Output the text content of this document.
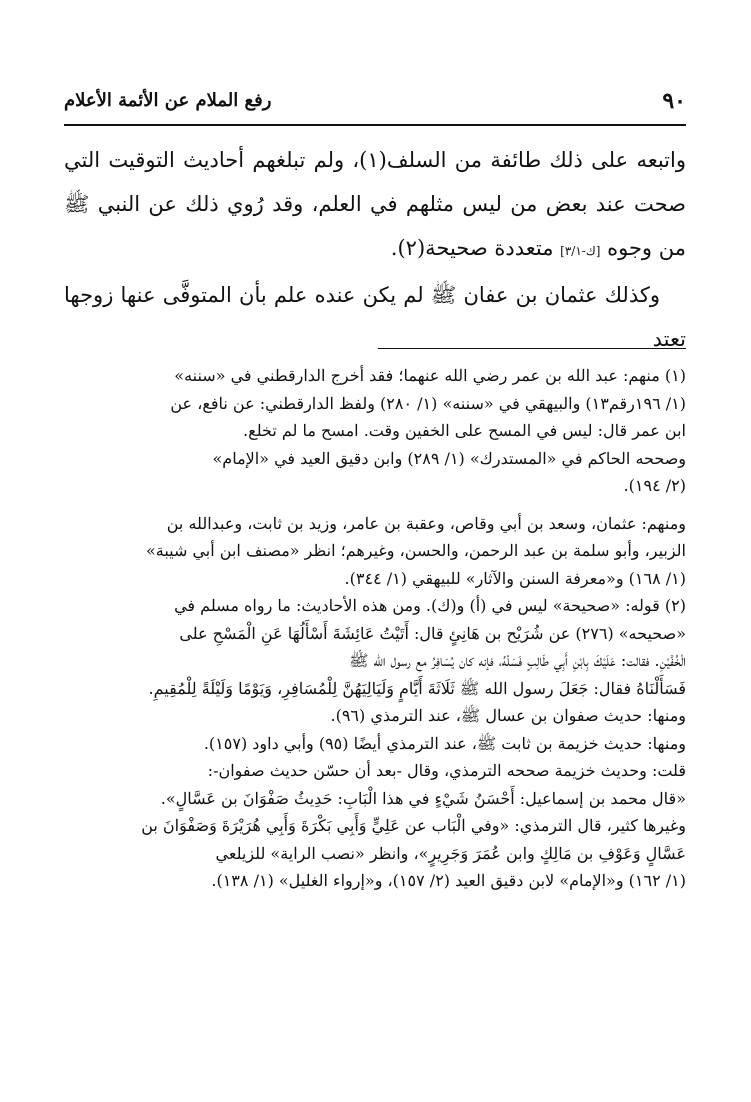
٩٠
رفع الملام عن الأئمة الأعلام

واتبعه على ذلك طائفة من السلف(١)، ولم تبلغهم أحاديث التوقيت التي صحت عند بعض من ليس مثلهم في العلم، وقد رُوي ذلك عن النبي ﷺ من وجوه [ك-٣/١] متعددة صحيحة(٢).

وكذلك عثمان بن عفان ﷺ لم يكن عنده علم بأن المتوفَّى عنها زوجها تعتد

(١) منهم: عبد الله بن عمر رضي الله عنهما؛ فقد أخرج الدارقطني في «سننه»
(١/ ١٩٦رقم١٣) والبيهقي في «سننه» (١/ ٢٨٠) ولفظ الدارقطني: عن نافع، عن
ابن عمر قال: ليس في المسح على الخفين وقت. امسح ما لم تخلع.
وصححه الحاكم في «المستدرك» (١/ ٢٨٩) وابن دقيق العيد في «الإمام»
(٢/ ١٩٤).
ومنهم: عثمان، وسعد بن أبي وقاص، وعقبة بن عامر، وزيد بن ثابت، وعبدالله بن
الزبير، وأبو سلمة بن عبد الرحمن، والحسن، وغيرهم؛ انظر «مصنف ابن أبي شيبة»
(١/ ١٦٨) و«معرفة السنن والآثار» للبيهقي (١/ ٣٤٤).
(٢) قوله: «صحيحة» ليس في (أ) و(ك). ومن هذه الأحاديث: ما رواه مسلم في
«صحيحه» (٢٧٦) عن شُرَيْح بن هَانِئٍ قال: أَتَيْتُ عَائِشَةَ أَسْأَلُهَا عَنِ الْمَسْحِ على
الْخُفَّيْنِ. فقالت: عَلَيْكَ بِابْنِ أَبِي طَالِبٍ فَسَلْهُ، فإنه كان يُسَافِرُ مع رسول الله ﷺ
فَسَأَلْنَاهُ فقال: جَعَلَ رسول الله ﷺ ثَلَاثَةَ أَيَّامٍ وَلَيَالِيَهُنَّ لِلْمُسَافِرِ، وَيَوْمًا وَلَيْلَةً لِلْمُقِيمِ.
ومنها: حديث صفوان بن عسال ﷺ، عند الترمذي (٩٦).
ومنها: حديث خزيمة بن ثابت ﷺ، عند الترمذي أيضًا (٩٥) وأبي داود (١٥٧).
قلت: وحديث خزيمة صححه الترمذي، وقال -بعد أن حسّن حديث صفوان-:
«قال محمد بن إسماعيل: أَحْسَنُ شَيْءٍ في هذا الْبَابِ: حَدِيثُ صَفْوَانَ بن عَسَّالٍ».
وغيرها كثير، قال الترمذي: «وفي الْبَاب عن عَلِيٍّ وَأَبِي بَكْرَةَ وَأَبِي هُرَيْرَةَ وَصَفْوَانَ بن
عَسَّالٍ وَعَوْفِ بن مَالِكٍ وابن عُمَرَ وَجَرِيرٍ»، وانظر «نصب الراية» للزيلعي
(١/ ١٦٢) و«الإمام» لابن دقيق العيد (٢/ ١٥٧)، و«إرواء الغليل» (١/ ١٣٨).
